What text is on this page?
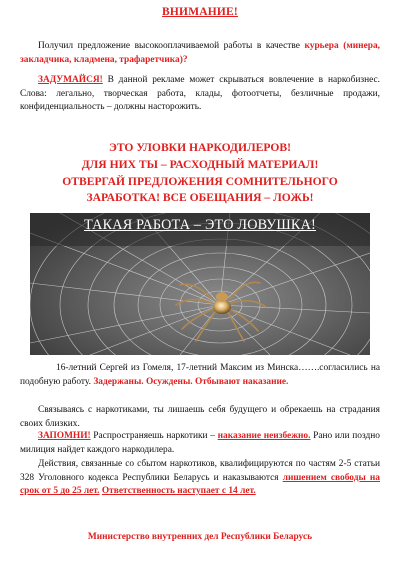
ВНИМАНИЕ!
Получил предложение высокооплачиваемой работы в качестве курьера (минера, закладчика, кладмена, трафаретчика)?
ЗАДУМАЙСЯ! В данной рекламе может скрываться вовлечение в наркобизнес. Слова: легально, творческая работа, клады, фотоотчеты, безличные продажи, конфиденциальность – должны насторожить.
ЭТО УЛОВКИ НАРКОДИЛЕРОВ!
ДЛЯ НИХ ТЫ – РАСХОДНЫЙ МАТЕРИАЛ!
ОТВЕРГАЙ ПРЕДЛОЖЕНИЯ СОМНИТЕЛЬНОГО
ЗАРАБОТКА! ВСЕ ОБЕЩАНИЯ – ЛОЖЬ!
ТАКАЯ РАБОТА – ЭТО ЛОВУШКА!
16-летний Сергей из Гомеля, 17-летний Максим из Минска…….согласились на подобную работу. Задержаны. Осуждены. Отбывают наказание.
Связываясь с наркотиками, ты лишаешь себя будущего и обрекаешь на страдания своих близких.
ЗАПОМНИ! Распространяешь наркотики – наказание неизбежно. Рано или поздно милиция найдет каждого наркодилера.
Действия, связанные со сбытом наркотиков, квалифицируются по частям 2-5 статьи 328 Уголовного кодекса Республики Беларусь и наказываются лишением свободы на срок от 5 до 25 лет. Ответственность наступает с 14 лет.
Министерство внутренних дел Республики Беларусь
